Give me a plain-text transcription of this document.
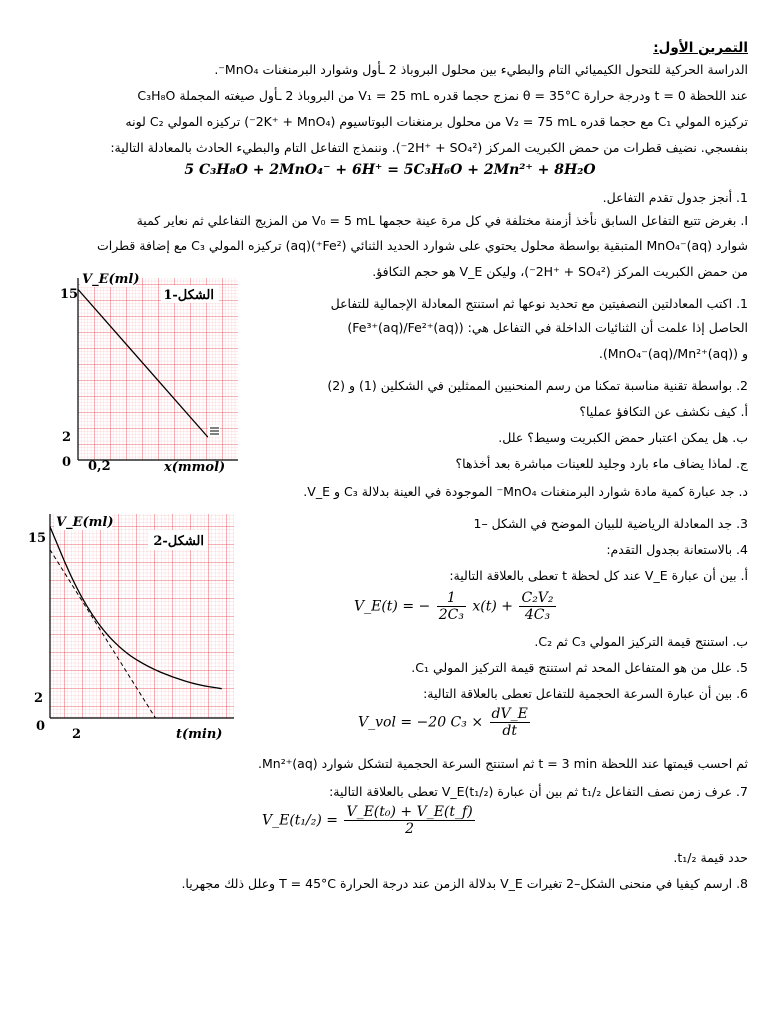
التمرين الأول:
الدراسة الحركية للتحول الكيميائي التام والبطيء بين محلول البروباذ 2 ـأول وشوارد البرمنغنات MnO₄⁻.
عند اللحظة t = 0 ودرجة حرارة θ = 35°C نمزج حجما قدره V₁ = 25 mL من البروباذ 2 ـأول صيغته المجملة C₃H₈O
تركيزه المولي C₁ مع حجما قدره V₂ = 75 mL من محلول برمنغنات البوتاسيوم (2K⁺ + MnO₄⁻) تركيزه المولي C₂ لونه
بنفسجي. نضيف قطرات من حمض الكبريت المركز (2H⁺ + SO₄²⁻). وننمذج التفاعل التام والبطيء الحادث بالمعادلة التالية:
5 C₃H₈O + 2MnO₄⁻ + 6H⁺ = 5C₃H₆O + 2Mn²⁺ + 8H₂O
1. أنجز جدول تقدم التفاعل.
I. بغرض تتبع التفاعل السابق نأخذ أزمنة مختلفة في كل مرة عينة حجمها V₀ = 5 mL من المزيج التفاعلي ثم نعاير كمية
شوارد MnO₄⁻(aq) المتبقية بواسطة محلول يحتوي على شوارد الحديد الثنائي (Fe²⁺)(aq) تركيزه المولي C₃ مع إضافة قطرات
من حمض الكبريت المركز (2H⁺ + SO₄²⁻)، وليكن V_E هو حجم التكافؤ.
1. اكتب المعادلتين النصفيتين مع تحديد نوعها ثم استنتج المعادلة الإجمالية للتفاعل
الحاصل إذا علمت أن الثنائيات الداخلة في التفاعل هي: (Fe³⁺(aq)/Fe²⁺(aq))
و (MnO₄⁻(aq)/Mn²⁺(aq)).
2. بواسطة تقنية مناسبة تمكنا من رسم المنحنيين الممثلين في الشكلين (1) و (2)
أ. كيف نكشف عن التكافؤ عمليا؟
ب. هل يمكن اعتبار حمض الكبريت وسيط؟ علل.
ج. لماذا يضاف ماء بارد وجليد للعينات مباشرة بعد أخذها؟
د. جد عبارة كمية مادة شوارد البرمنغنات MnO₄⁻ الموجودة في العينة بدلالة C₃ و V_E.
3. جد المعادلة الرياضية للبيان الموضح في الشكل –1
4. بالاستعانة بجدول التقدم:
أ. بين أن عبارة V_E عند كل لحظة t تعطى بالعلاقة التالية:
V_E(t) = − $\frac{1}{\text{2C₃}} x(t) + \frac{\text{C₂V₂}}{\text{4C₃}}$
ب. استنتج قيمة التركيز المولي C₃ ثم C₂.
5. علل من هو المتفاعل المحد ثم استنتج قيمة التركيز المولي C₁.
6. بين أن عبارة السرعة الحجمية للتفاعل تعطى بالعلاقة التالية:
V_vol = −20 $C_3 \times \frac{dV\_E}{dt}$
ثم احسب قيمتها عند اللحظة t = 3 min ثم استنتج السرعة الحجمية لتشكل شوارد Mn²⁺(aq).
7. عرف زمن نصف التفاعل t₁/₂ ثم بين أن عبارة V_E(t₁/₂) تعطى بالعلاقة التالية:
V_E(t₁/₂) = $\frac{\text{V\_E(t₀) + V\_E(t\_f)}}{2}$
حدد قيمة t₁/₂.
8. ارسم كيفيا في منحنى الشكل–2 تغيرات V_E بدلالة الزمن عند درجة الحرارة T = 45°C وعلل ذلك مجهريا.
الشكل-1
V_E(ml)
15
2
0 0,2	x(mmol)
الشكل-2
V_E(ml)
15
2
0
2	t(min)
